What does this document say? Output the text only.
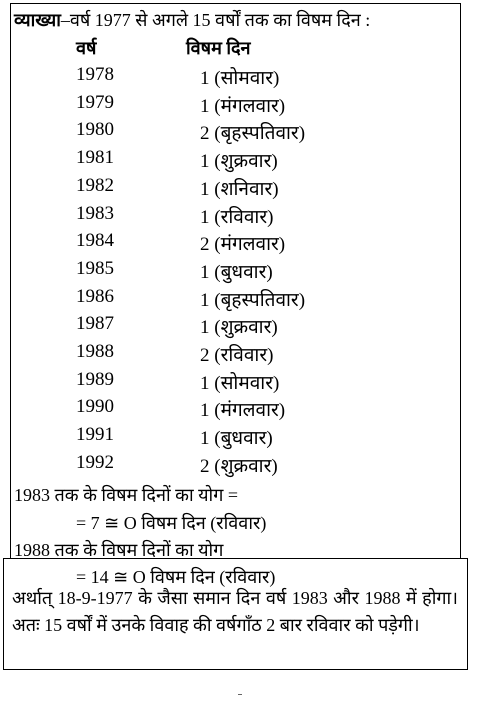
व्याख्या–वर्ष 1977 से अगले 15 वर्षों तक का विषम दिन :
वर्ष	विषम दिन
1978	1 (सोमवार)
1979	1 (मंगलवार)
1980	2 (बृहस्पतिवार)
1981	1 (शुक्रवार)
1982	1 (शनिवार)
1983	1 (रविवार)
1984	2 (मंगलवार)
1985	1 (बुधवार)
1986	1 (बृहस्पतिवार)
1987	1 (शुक्रवार)
1988	2 (रविवार)
1989	1 (सोमवार)
1990	1 (मंगलवार)
1991	1 (बुधवार)
1992	2 (शुक्रवार)
1983 तक के विषम दिनों का योग =
= 7 ≅ O विषम दिन (रविवार)
1988 तक के विषम दिनों का योग
= 14 ≅ O विषम दिन (रविवार)
अर्थात् 18-9-1977 के जैसा समान दिन वर्ष 1983 और 1988 में होगा। अतः 15 वर्षों में उनके विवाह की वर्षगाँठ 2 बार रविवार को पड़ेगी।
